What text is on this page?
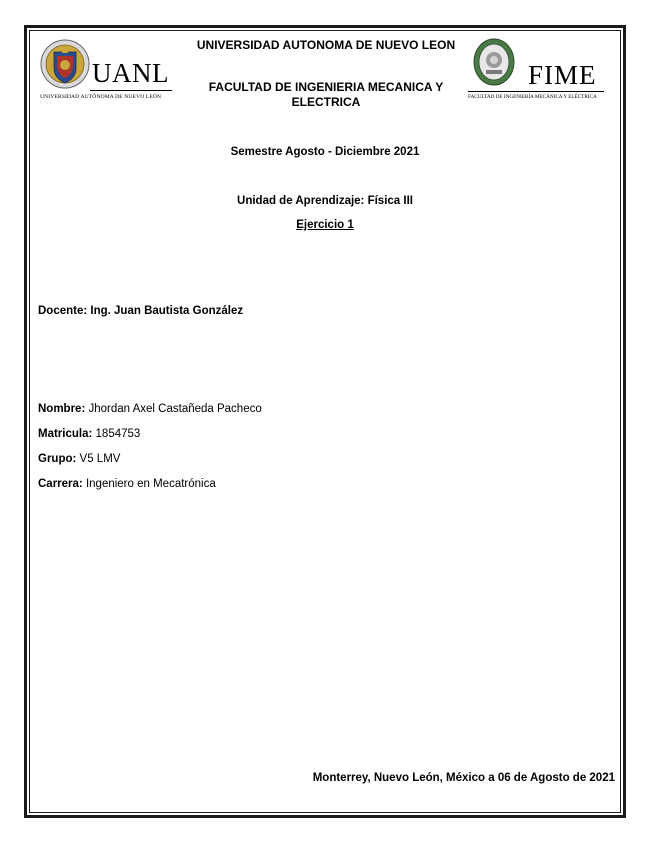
UANL
UNIVERSIDAD AUTÓNOMA DE NUEVO LEÓN
FIME
FACULTAD DE INGENIERÍA MECÁNICA Y ELÉCTRICA
UNIVERSIDAD AUTONOMA DE NUEVO LEON
FACULTAD DE INGENIERIA MECANICA Y ELECTRICA
Semestre Agosto - Diciembre 2021
Unidad de Aprendizaje: Física III
Ejercicio 1
Docente: Ing. Juan Bautista González
Nombre: Jhordan Axel Castañeda Pacheco
Matricula: 1854753
Grupo: V5 LMV
Carrera: Ingeniero en Mecatrónica
Monterrey, Nuevo León, México a 06 de Agosto de 2021
